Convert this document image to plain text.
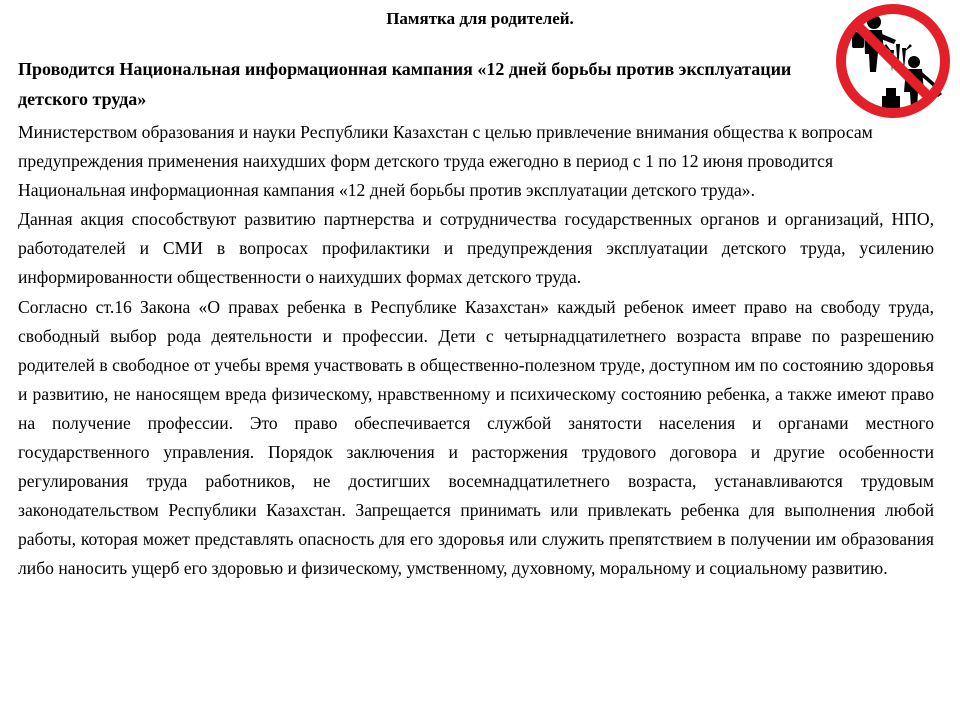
Памятка для родителей.
Проводится Национальная информационная кампания «12 дней борьбы против эксплуатации детского труда»

Министерством образования и науки Республики Казахстан с целью привлечение внимания общества к вопросам предупреждения применения наихудших форм детского труда ежегодно в период с 1 по 12 июня проводится Национальная информационная кампания «12 дней борьбы против эксплуатации детского труда».

Данная акция способствуют развитию партнерства и сотрудничества государственных органов и организаций, НПО, работодателей и СМИ в вопросах профилактики и предупреждения эксплуатации детского труда, усилению информированности общественности о наихудших формах детского труда.

Согласно ст.16 Закона «О правах ребенка в Республике Казахстан» каждый ребенок имеет право на свободу труда, свободный выбор рода деятельности и профессии. Дети с четырнадцатилетнего возраста вправе по разрешению родителей в свободное от учебы время участвовать в общественно-полезном труде, доступном им по состоянию здоровья и развитию, не наносящем вреда физическому, нравственному и психическому состоянию ребенка, а также имеют право на получение профессии. Это право обеспечивается службой занятости населения и органами местного государственного управления. Порядок заключения и расторжения трудового договора и другие особенности регулирования труда работников, не достигших восемнадцатилетнего возраста, устанавливаются трудовым законодательством Республики Казахстан. Запрещается принимать или привлекать ребенка для выполнения любой работы, которая может представлять опасность для его здоровья или служить препятствием в получении им образования либо наносить ущерб его здоровью и физическому, умственному, духовному, моральному и социальному развитию.
